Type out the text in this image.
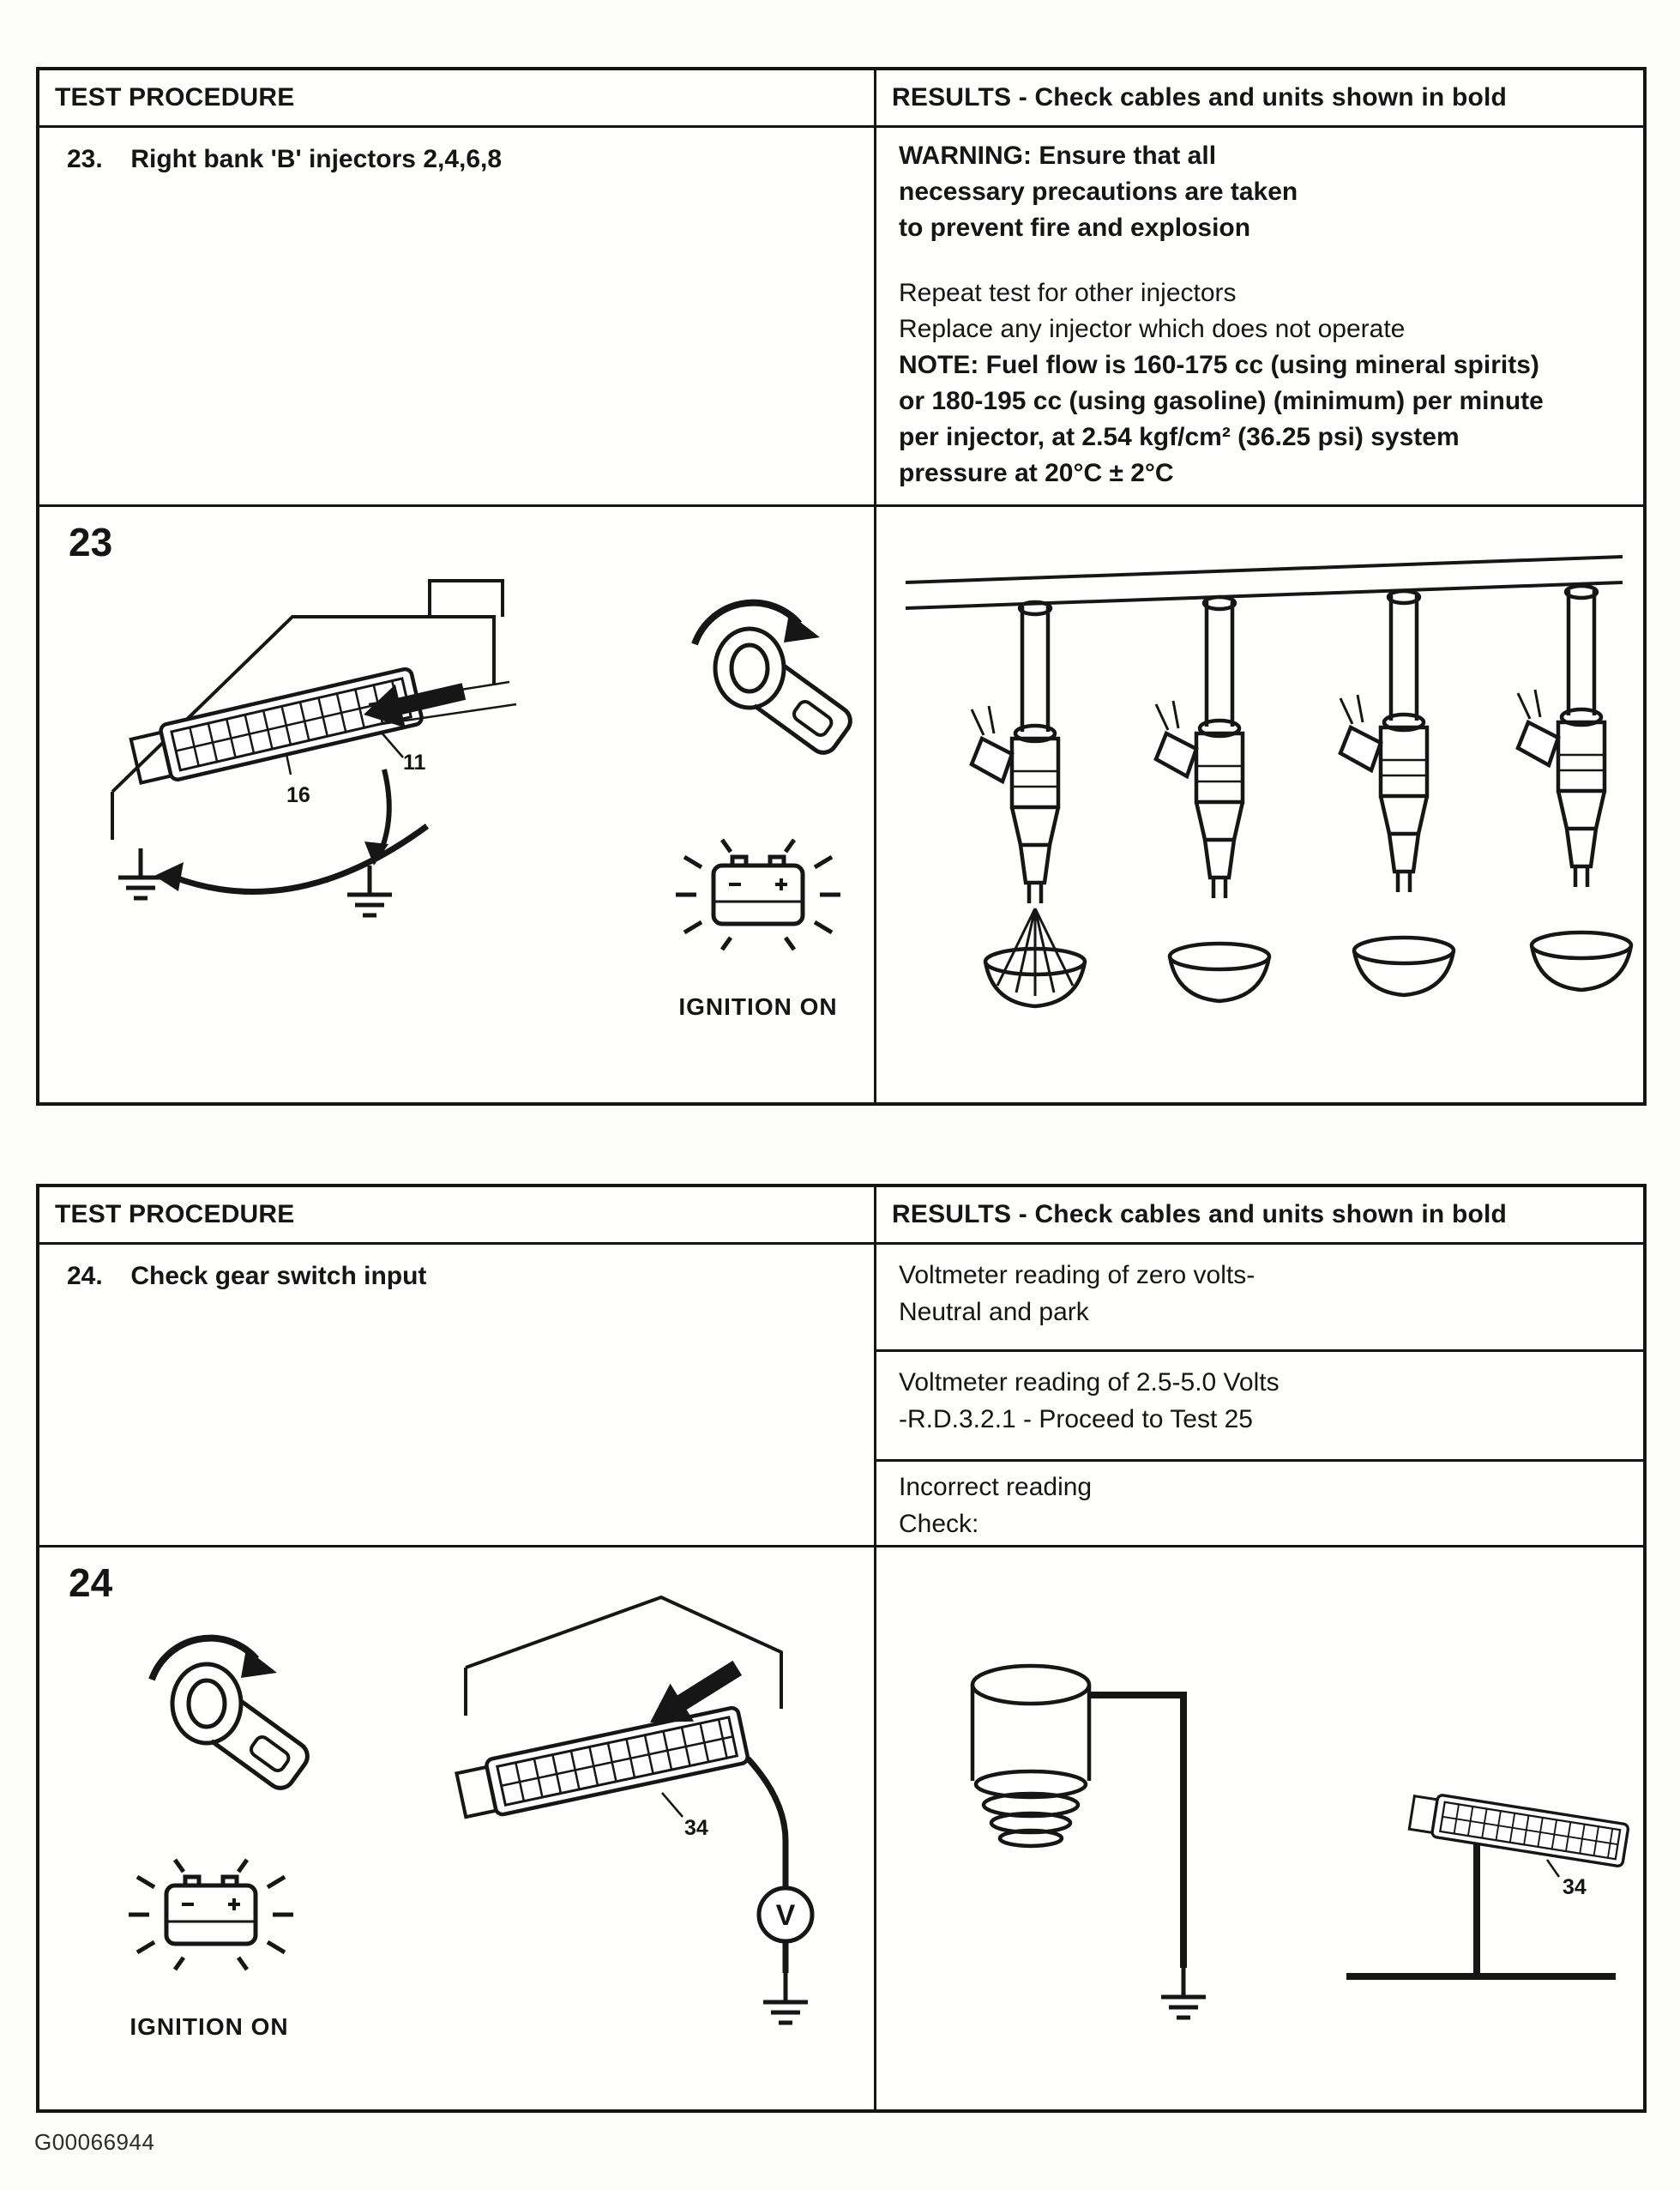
TEST PROCEDURE	RESULTS - Check cables and units shown in bold
23. Right bank 'B' injectors 2,4,6,8	WARNING: Ensure that all
necessary precautions are taken
to prevent fire and explosion
Repeat test for other injectors
Replace any injector which does not operate
NOTE: Fuel flow is 160-175 cc (using mineral spirits)
or 180-195 cc (using gasoline) (minimum) per minute
per injector, at 2.54 kgf/cm² (36.25 psi) system
pressure at 20°C ± 2°C
23
16
11
IGNITION ON
TEST PROCEDURE	RESULTS - Check cables and units shown in bold
24. Check gear switch input	Voltmeter reading of zero volts-
Neutral and park
Voltmeter reading of 2.5-5.0 Volts
-R.D.3.2.1 - Proceed to Test 25
Incorrect reading
Check:
24
IGNITION ON
34
V
34
G00066944
